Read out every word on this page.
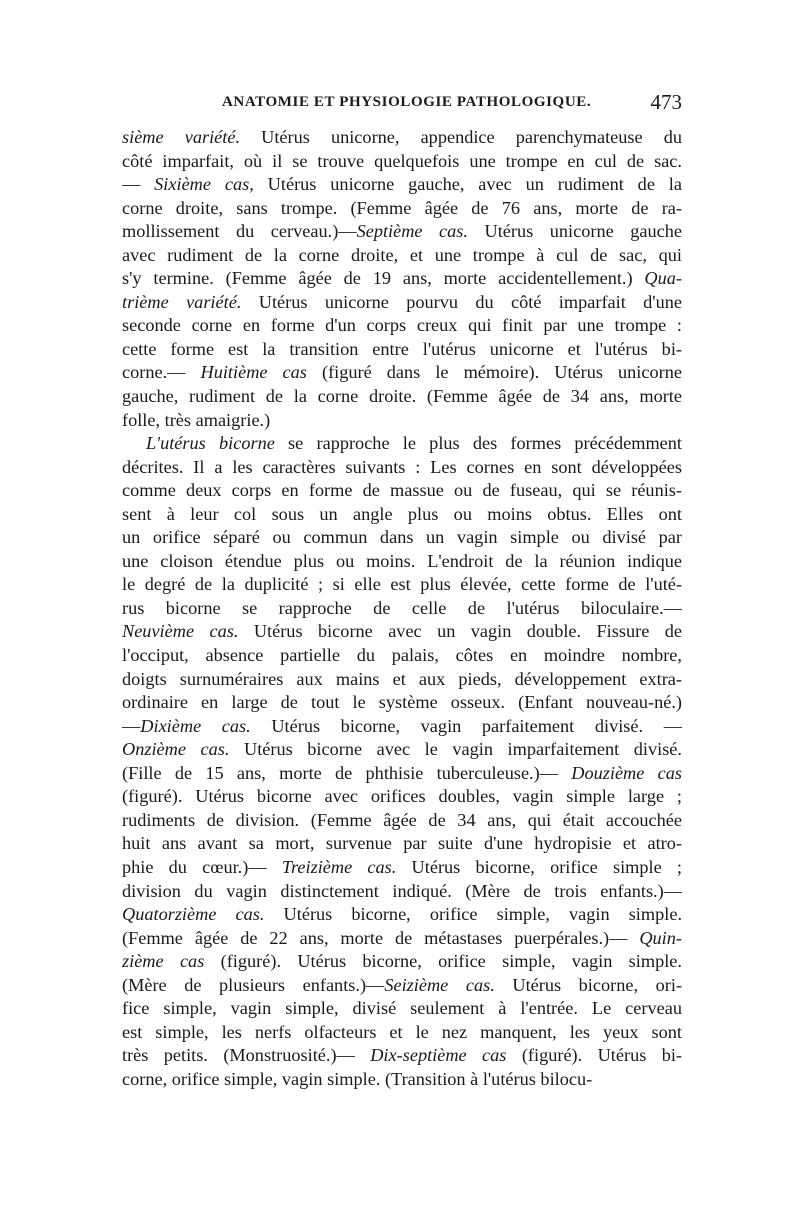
ANATOMIE ET PHYSIOLOGIE PATHOLOGIQUE.	473
sième variété. Utérus unicorne, appendice parenchymateuse du
côté imparfait, où il se trouve quelquefois une trompe en cul de sac.
— Sixième cas, Utérus unicorne gauche, avec un rudiment de la
corne droite, sans trompe. (Femme âgée de 76 ans, morte de ra-
mollissement du cerveau.)—Septième cas. Utérus unicorne gauche
avec rudiment de la corne droite, et une trompe à cul de sac, qui
s'y termine. (Femme âgée de 19 ans, morte accidentellement.) Qua-
trième variété. Utérus unicorne pourvu du côté imparfait d'une
seconde corne en forme d'un corps creux qui finit par une trompe :
cette forme est la transition entre l'utérus unicorne et l'utérus bi-
corne.— Huitième cas (figuré dans le mémoire). Utérus unicorne
gauche, rudiment de la corne droite. (Femme âgée de 34 ans, morte
folle, très amaigrie.)
L'utérus bicorne se rapproche le plus des formes précédemment
décrites. Il a les caractères suivants : Les cornes en sont développées
comme deux corps en forme de massue ou de fuseau, qui se réunis-
sent à leur col sous un angle plus ou moins obtus. Elles ont
un orifice séparé ou commun dans un vagin simple ou divisé par
une cloison étendue plus ou moins. L'endroit de la réunion indique
le degré de la duplicité ; si elle est plus élevée, cette forme de l'uté-
rus bicorne se rapproche de celle de l'utérus biloculaire.—
Neuvième cas. Utérus bicorne avec un vagin double. Fissure de
l'occiput, absence partielle du palais, côtes en moindre nombre,
doigts surnuméraires aux mains et aux pieds, développement extra-
ordinaire en large de tout le système osseux. (Enfant nouveau-né.)
—Dixième cas. Utérus bicorne, vagin parfaitement divisé. —
Onzième cas. Utérus bicorne avec le vagin imparfaitement divisé.
(Fille de 15 ans, morte de phthisie tuberculeuse.)— Douzième cas
(figuré). Utérus bicorne avec orifices doubles, vagin simple large ;
rudiments de division. (Femme âgée de 34 ans, qui était accouchée
huit ans avant sa mort, survenue par suite d'une hydropisie et atro-
phie du cœur.)— Treizième cas. Utérus bicorne, orifice simple ;
division du vagin distinctement indiqué. (Mère de trois enfants.)—
Quatorzième cas. Utérus bicorne, orifice simple, vagin simple.
(Femme âgée de 22 ans, morte de métastases puerpérales.)— Quin-
zième cas (figuré). Utérus bicorne, orifice simple, vagin simple.
(Mère de plusieurs enfants.)—Seizième cas. Utérus bicorne, ori-
fice simple, vagin simple, divisé seulement à l'entrée. Le cerveau
est simple, les nerfs olfacteurs et le nez manquent, les yeux sont
très petits. (Monstruosité.)— Dix-septième cas (figuré). Utérus bi-
corne, orifice simple, vagin simple. (Transition à l'utérus bilocu-
